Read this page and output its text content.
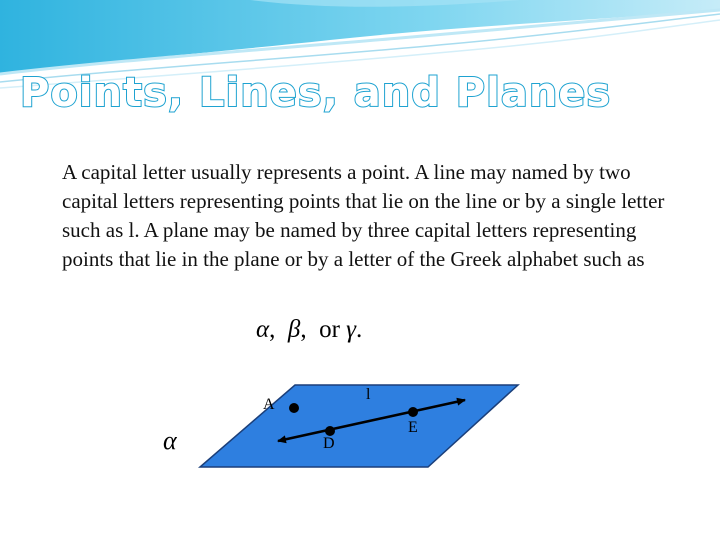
Points, Lines, and Planes

A capital letter usually represents a point. A line may named by two capital letters representing points that lie on the line or by a single letter such as l. A plane may be named by three capital letters representing points that lie in the plane or by a letter of the Greek alphabet such as

α, β, or γ.
α
A
D
E
l
